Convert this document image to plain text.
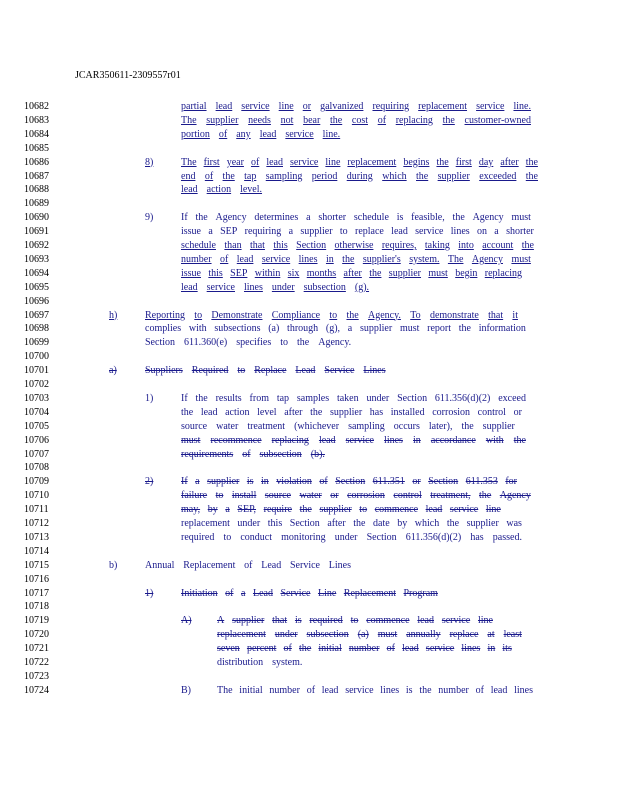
JCAR350611-2309557r01
10682	partial lead service line or galvanized requiring replacement service line.
10683	The supplier needs not bear the cost of replacing the customer-owned
10684	portion of any lead service line.
10685
10686	8)	The first year of lead service line replacement begins the first day after the
10687	end of the tap sampling period during which the supplier exceeded the
10688	lead action level.
10689
10690	9)	If the Agency determines a shorter schedule is feasible, the Agency must
10691	issue a SEP requiring a supplier to replace lead service lines on a shorter
10692	schedule than that this Section otherwise requires, taking into account the
10693	number of lead service lines in the supplier's system. The Agency must
10694	issue this SEP within six months after the supplier must begin replacing
10695	lead service lines under subsection (g).
10696
10697	h)	Reporting to Demonstrate Compliance to the Agency. To demonstrate that it
10698	complies with subsections (a) through (g), a supplier must report the information
10699	Section 611.360(e) specifies to the Agency.
10700
10701	a)	Suppliers Required to Replace Lead Service Lines
10702
10703	1)	If the results from tap samples taken under Section 611.356(d)(2) exceed
10704	the lead action level after the supplier has installed corrosion control or
10705	source water treatment (whichever sampling occurs later), the supplier
10706	must recommence replacing lead service lines in accordance with the
10707	requirements of subsection (b).
10708
10709	2)	If a supplier is in violation of Section 611.351 or Section 611.353 for
10710	failure to install source water or corrosion control treatment, the Agency
10711	may, by a SEP, require the supplier to commence lead service line
10712	replacement under this Section after the date by which the supplier was
10713	required to conduct monitoring under Section 611.356(d)(2) has passed.
10714
10715	b)	Annual Replacement of Lead Service Lines
10716
10717	1)	Initiation of a Lead Service Line Replacement Program
10718
10719	A)	A supplier that is required to commence lead service line
10720	replacement under subsection (a) must annually replace at least
10721	seven percent of the initial number of lead service lines in its
10722	distribution system.
10723
10724	B)	The initial number of lead service lines is the number of lead lines
